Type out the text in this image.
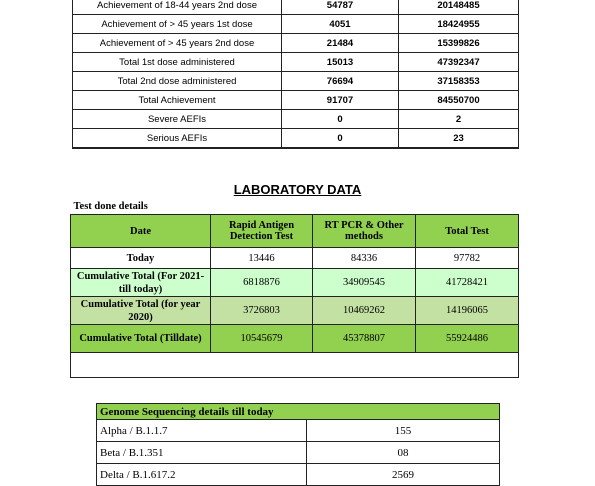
Achievement of 18-44 years 2nd dose	54787	20148485
Achievement of > 45 years 1st dose	4051	18424955
Achievement of > 45 years 2nd dose	21484	15399826
Total 1st dose administered	15013	47392347
Total 2nd dose administered	76694	37158353
Total Achievement	91707	84550700
Severe AEFIs	0	2
Serious AEFIs	0	23
LABORATORY DATA
Test done details			
Date	Rapid Antigen Detection Test	RT PCR & Other methods	Total Test
Today	13446	84336	97782
Cumulative Total (For 2021- till today)	6818876	34909545	41728421
Cumulative Total (for year 2020)	3726803	10469262	14196065
Cumulative Total (Tilldate)	10545679	45378807	55924486

Genome Sequencing details till today	
Alpha / B.1.1.7	155
Beta / B.1.351	08
Delta / B.1.617.2	2569
